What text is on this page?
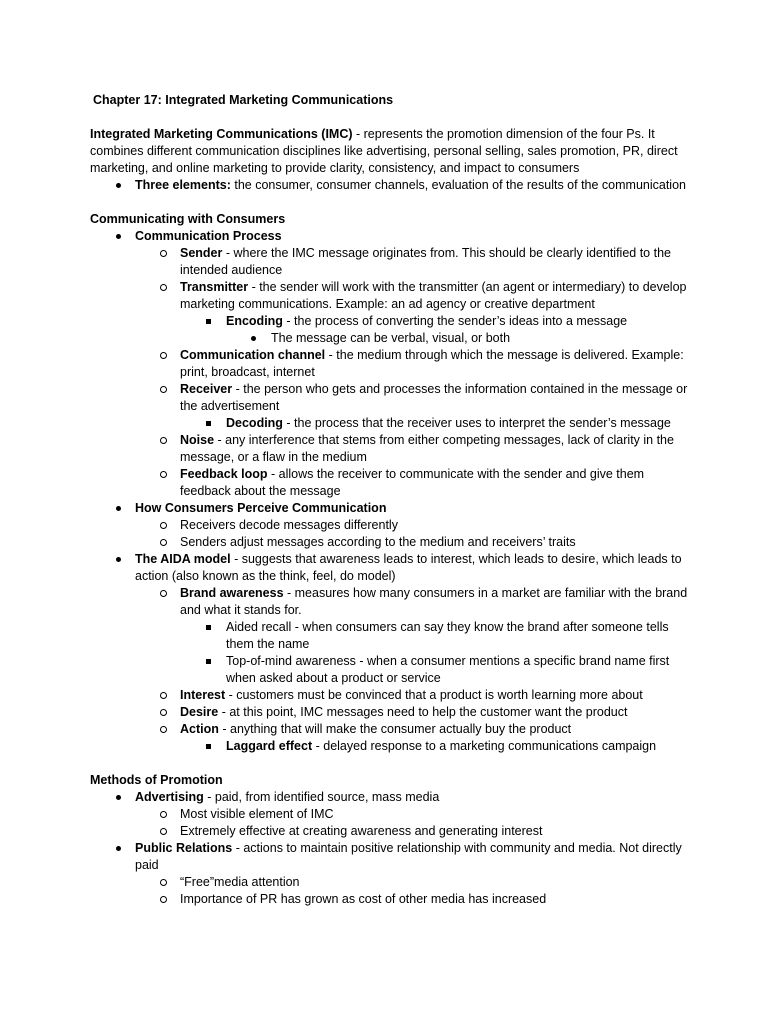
Chapter 17: Integrated Marketing Communications

Integrated Marketing Communications (IMC) - represents the promotion dimension of the four Ps. It combines different communication disciplines like advertising, personal selling, sales promotion, PR, direct marketing, and online marketing to provide clarity, consistency, and impact to consumers

Three elements: the consumer, consumer channels, evaluation of the results of the communication
Communicating with Consumers
Communication Process
Sender - where the IMC message originates from. This should be clearly identified to the intended audience
Transmitter - the sender will work with the transmitter (an agent or intermediary) to develop marketing communications. Example: an ad agency or creative department
Encoding - the process of converting the sender’s ideas into a message
The message can be verbal, visual, or both
Communication channel - the medium through which the message is delivered. Example: print, broadcast, internet
Receiver - the person who gets and processes the information contained in the message or the advertisement
Decoding - the process that the receiver uses to interpret the sender’s message
Noise - any interference that stems from either competing messages, lack of clarity in the message, or a flaw in the medium
Feedback loop - allows the receiver to communicate with the sender and give them feedback about the message
How Consumers Perceive Communication
Receivers decode messages differently
Senders adjust messages according to the medium and receivers’ traits
The AIDA model - suggests that awareness leads to interest, which leads to desire, which leads to action (also known as the think, feel, do model)
Brand awareness - measures how many consumers in a market are familiar with the brand and what it stands for.
Aided recall - when consumers can say they know the brand after someone tells them the name
Top-of-mind awareness - when a consumer mentions a specific brand name first when asked about a product or service
Interest - customers must be convinced that a product is worth learning more about
Desire - at this point, IMC messages need to help the customer want the product
Action - anything that will make the consumer actually buy the product
Laggard effect - delayed response to a marketing communications campaign
Methods of Promotion
Advertising - paid, from identified source, mass media
Most visible element of IMC
Extremely effective at creating awareness and generating interest
Public Relations - actions to maintain positive relationship with community and media. Not directly paid
“Free”media attention
Importance of PR has grown as cost of other media has increased
